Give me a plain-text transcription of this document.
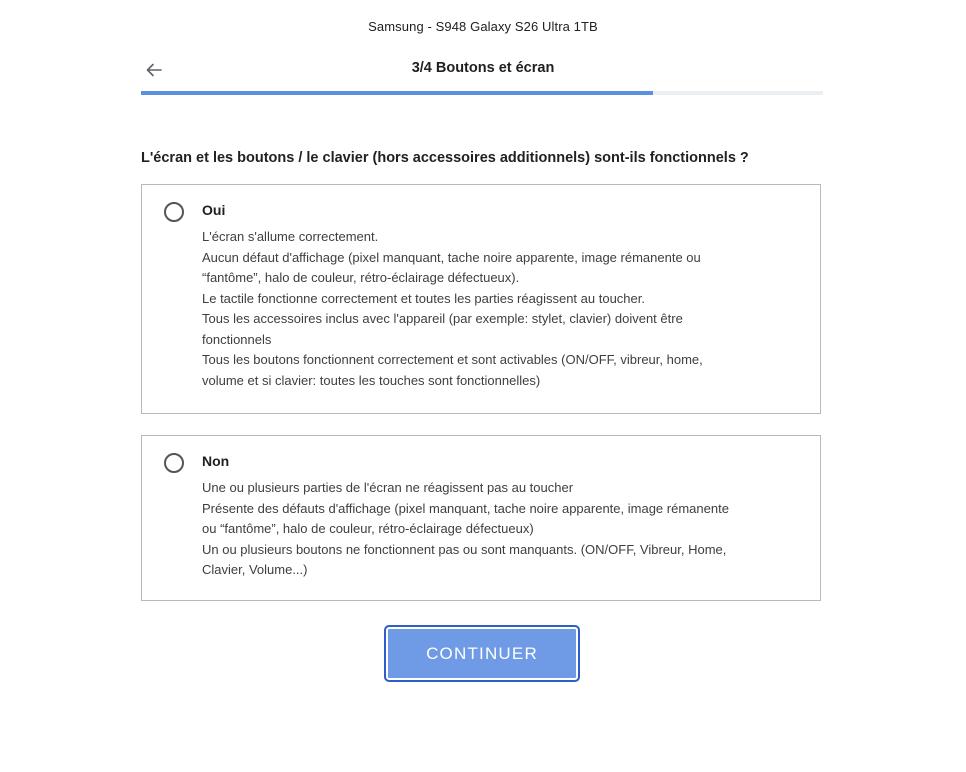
Samsung - S948 Galaxy S26 Ultra 1TB
3/4 Boutons et écran
L'écran et les boutons / le clavier (hors accessoires additionnels) sont-ils fonctionnels ?
Oui
L'écran s'allume correctement.
Aucun défaut d'affichage (pixel manquant, tache noire apparente, image rémanente ou
“fantôme”, halo de couleur, rétro-éclairage défectueux).
Le tactile fonctionne correctement et toutes les parties réagissent au toucher.
Tous les accessoires inclus avec l'appareil (par exemple: stylet, clavier) doivent être
fonctionnels
Tous les boutons fonctionnent correctement et sont activables (ON/OFF, vibreur, home,
volume et si clavier: toutes les touches sont fonctionnelles)
Non
Une ou plusieurs parties de l'écran ne réagissent pas au toucher
Présente des défauts d'affichage (pixel manquant, tache noire apparente, image rémanente
ou “fantôme”, halo de couleur, rétro-éclairage défectueux)
Un ou plusieurs boutons ne fonctionnent pas ou sont manquants. (ON/OFF, Vibreur, Home,
Clavier, Volume...)
CONTINUER
